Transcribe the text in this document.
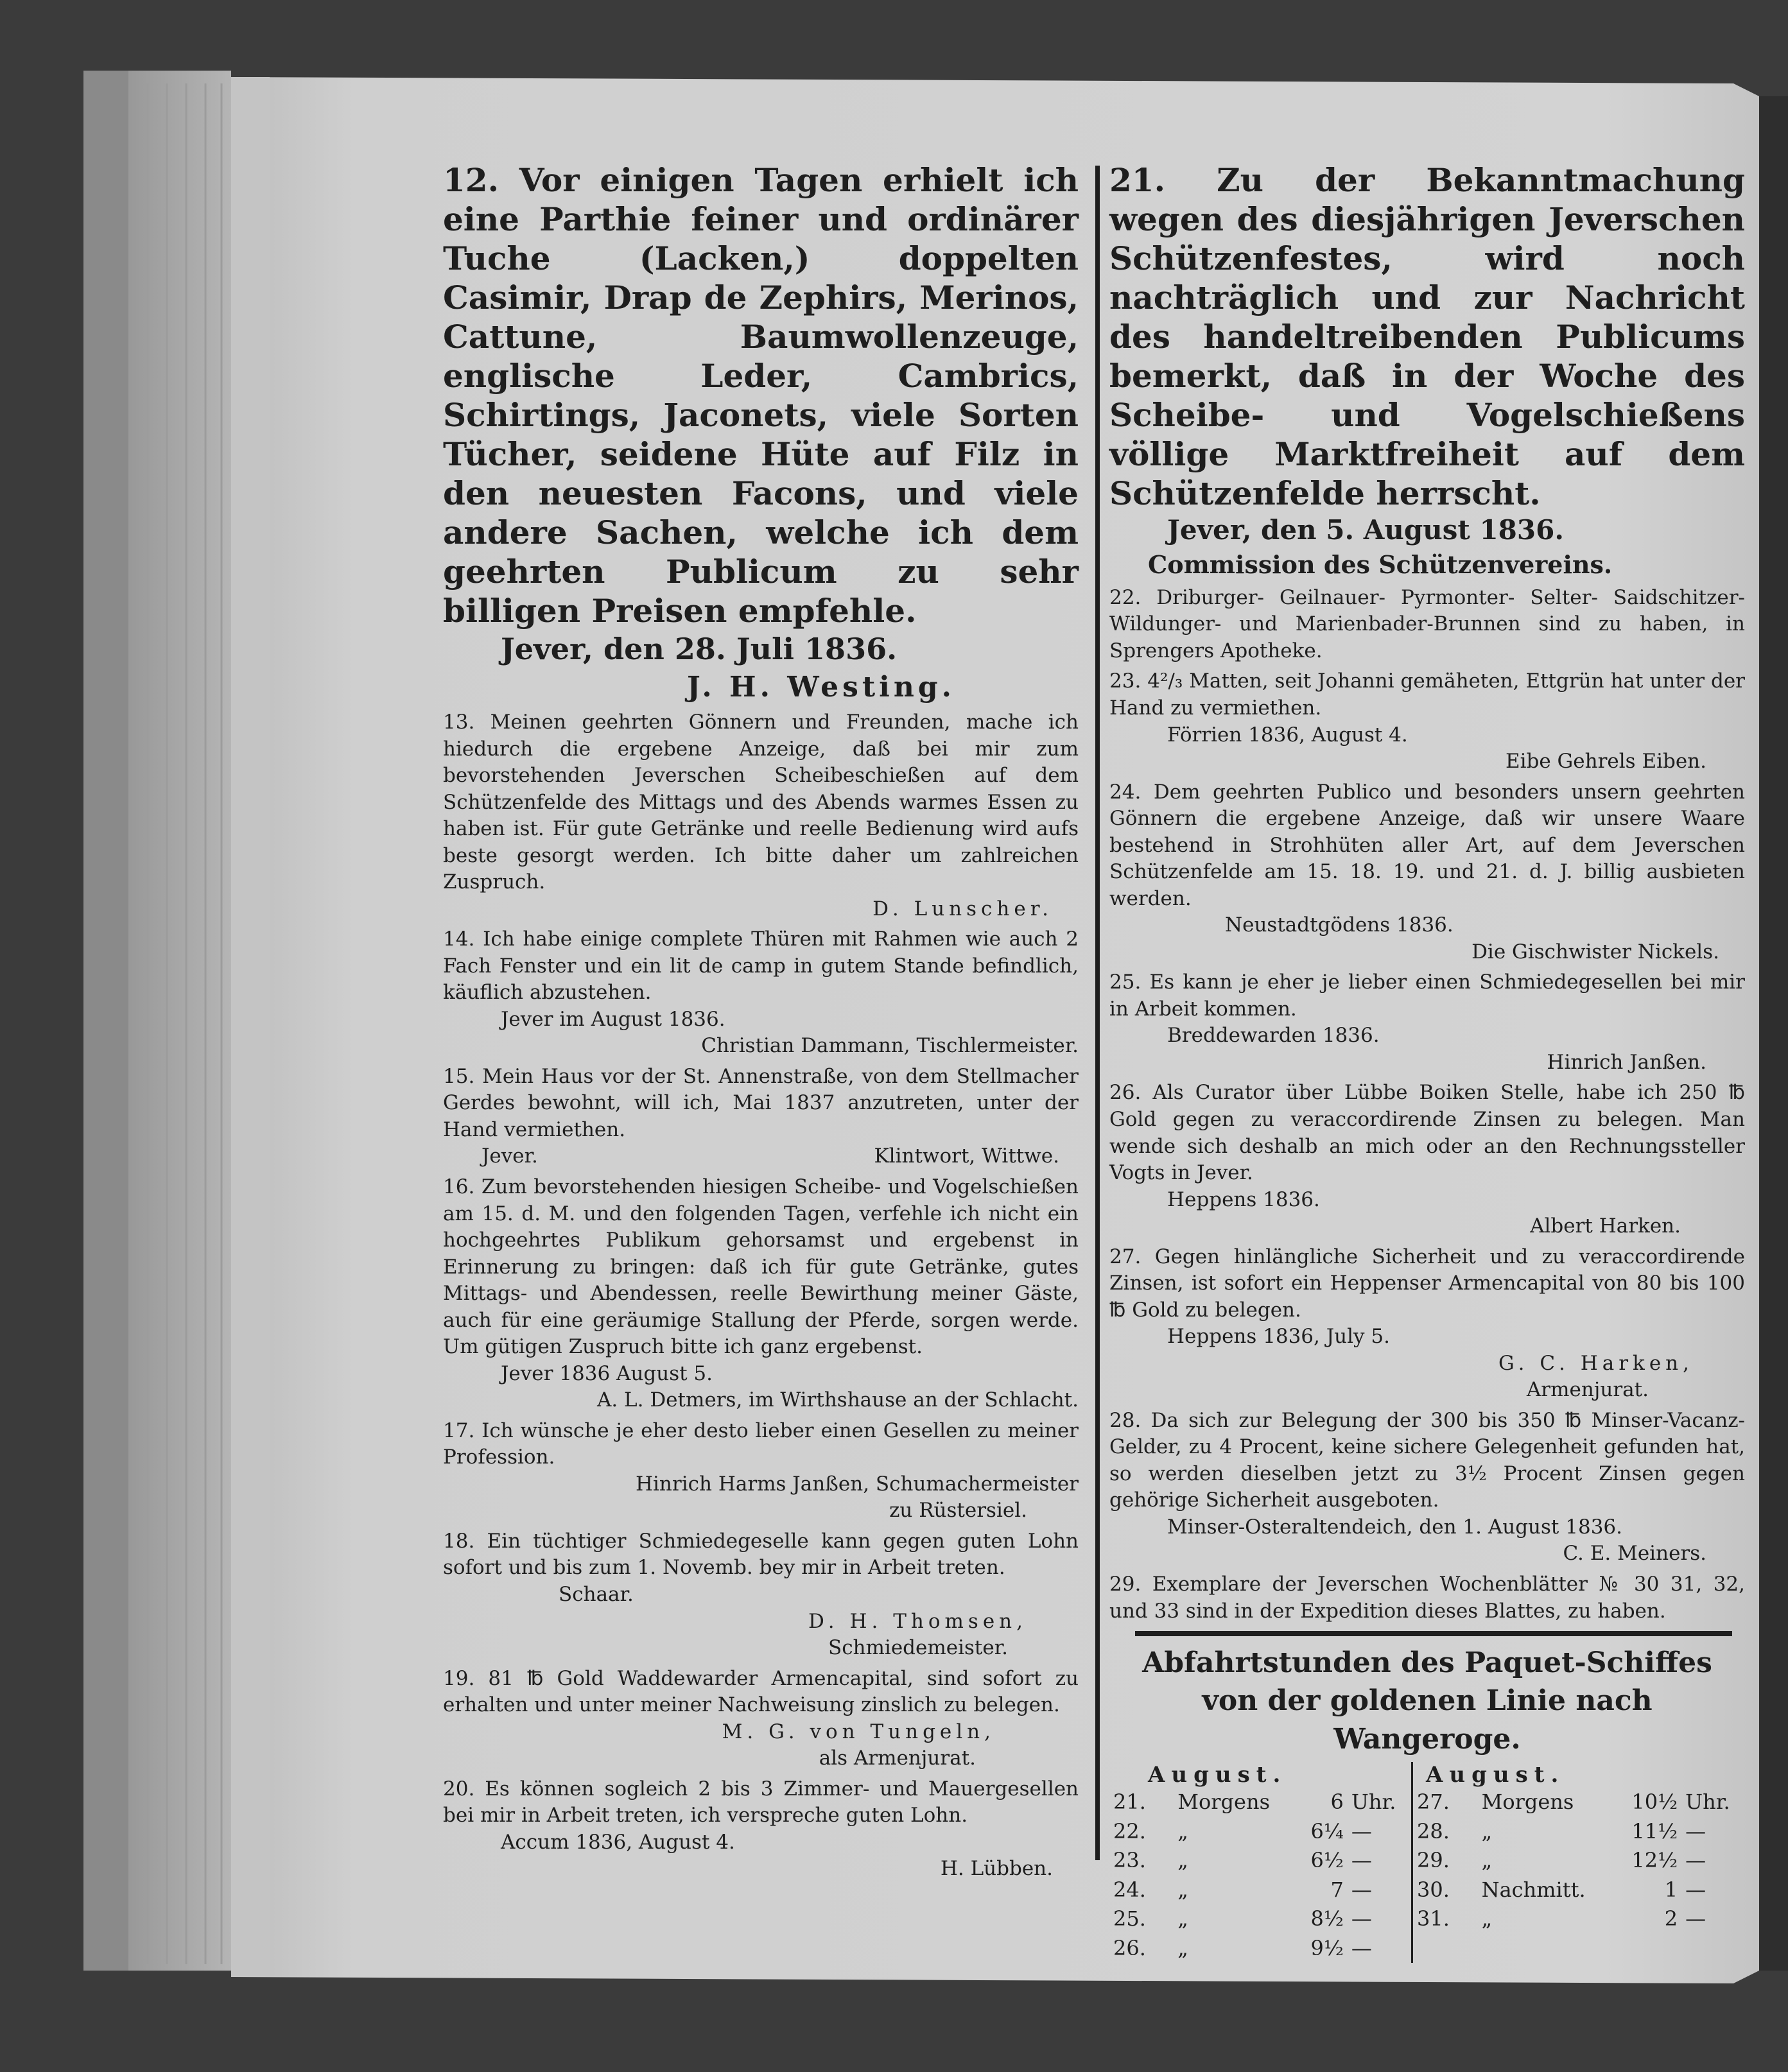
12. Vor einigen Tagen erhielt ich eine Parthie feiner und ordinärer Tuche (Lacken,) doppelten Casimir, Drap de Zephirs, Merinos, Cattune, Baumwollenzeuge, englische Leder, Cambrics, Schirtings, Jaconets, viele Sorten Tücher, seidene Hüte auf Filz in den neuesten Facons, und viele andere Sachen, welche ich dem geehrten Publicum zu sehr billigen Preisen empfehle.

Jever, den 28. Juli 1836.

J. H. Westing.

13. Meinen geehrten Gönnern und Freunden, mache ich hiedurch die ergebene Anzeige, daß bei mir zum bevorstehenden Jeverschen Scheibeschießen auf dem Schützenfelde des Mittags und des Abends warmes Essen zu haben ist. Für gute Getränke und reelle Bedienung wird aufs beste gesorgt werden. Ich bitte daher um zahlreichen Zuspruch.

D. Lunscher.

14. Ich habe einige complete Thüren mit Rahmen wie auch 2 Fach Fenster und ein lit de camp in gutem Stande befindlich, käuflich abzustehen.

Jever im August 1836.

Christian Dammann, Tischlermeister.

15. Mein Haus vor der St. Annenstraße, von dem Stellmacher Gerdes bewohnt, will ich, Mai 1837 anzutreten, unter der Hand vermiethen.

Jever.	Klintwort, Wittwe.

16. Zum bevorstehenden hiesigen Scheibe- und Vogelschießen am 15. d. M. und den folgenden Tagen, verfehle ich nicht ein hochgeehrtes Publikum gehorsamst und ergebenst in Erinnerung zu bringen: daß ich für gute Getränke, gutes Mittags- und Abendessen, reelle Bewirthung meiner Gäste, auch für eine geräumige Stallung der Pferde, sorgen werde. Um gütigen Zuspruch bitte ich ganz ergebenst.

Jever 1836 August 5.

A. L. Detmers, im Wirthshause an der Schlacht.

17. Ich wünsche je eher desto lieber einen Gesellen zu meiner Profession.

Hinrich Harms Janßen, Schumachermeister

zu Rüstersiel.

18. Ein tüchtiger Schmiedegeselle kann gegen guten Lohn sofort und bis zum 1. Novemb. bey mir in Arbeit treten.

Schaar.

D. H. Thomsen,

Schmiedemeister.

19. 81 ℔ Gold Waddewarder Armencapital, sind sofort zu erhalten und unter meiner Nachweisung zinslich zu belegen.

M. G. von Tungeln,

als Armenjurat.

20. Es können sogleich 2 bis 3 Zimmer- und Mauergesellen bei mir in Arbeit treten, ich verspreche guten Lohn.

Accum 1836, August 4.

H. Lübben.

21. Zu der Bekanntmachung wegen des diesjährigen Jeverschen Schützenfestes, wird noch nachträglich und zur Nachricht des handeltreibenden Publicums bemerkt, daß in der Woche des Scheibe- und Vogelschießens völlige Marktfreiheit auf dem Schützenfelde herrscht.

Jever, den 5. August 1836.

Commission des Schützenvereins.

22. Driburger- Geilnauer- Pyrmonter- Selter- Saidschitzer- Wildunger- und Marienbader-Brunnen sind zu haben, in Sprengers Apotheke.

23. 4²/₃ Matten, seit Johanni gemäheten, Ettgrün hat unter der Hand zu vermiethen.

Förrien 1836, August 4.

Eibe Gehrels Eiben.

24. Dem geehrten Publico und besonders unsern geehrten Gönnern die ergebene Anzeige, daß wir unsere Waare bestehend in Strohhüten aller Art, auf dem Jeverschen Schützenfelde am 15. 18. 19. und 21. d. J. billig ausbieten werden.

Neustadtgödens 1836.

Die Gischwister Nickels.

25. Es kann je eher je lieber einen Schmiedegesellen bei mir in Arbeit kommen.

Breddewarden 1836.

Hinrich Janßen.

26. Als Curator über Lübbe Boiken Stelle, habe ich 250 ℔ Gold gegen zu veraccordirende Zinsen zu belegen. Man wende sich deshalb an mich oder an den Rechnungssteller Vogts in Jever.

Heppens 1836.

Albert Harken.

27. Gegen hinlängliche Sicherheit und zu veraccordirende Zinsen, ist sofort ein Heppenser Armencapital von 80 bis 100 ℔ Gold zu belegen.

Heppens 1836, July 5.

G. C. Harken,

Armenjurat.

28. Da sich zur Belegung der 300 bis 350 ℔ Minser-Vacanz-Gelder, zu 4 Procent, keine sichere Gelegenheit gefunden hat, so werden dieselben jetzt zu 3½ Procent Zinsen gegen gehörige Sicherheit ausgeboten.

Minser-Osteraltendeich, den 1. August 1836.

C. E. Meiners.

29. Exemplare der Jeverschen Wochenblätter № 30 31, 32, und 33 sind in der Expedition dieses Blattes, zu haben.

Abfahrtstunden des Paquet-Schiffes

von der goldenen Linie nach Wangeroge.

August.				August.			
21.	Morgens	6	Uhr.	27.	Morgens	10½	Uhr.
22.	„	6¼	—	28.	„	11½	—
23.	„	6½	—	29.	„	12½	—
24.	„	7	—	30.	Nachmitt.	1	—
25.	„	8½	—	31.	„	2	—
26.	„	9½	—				
